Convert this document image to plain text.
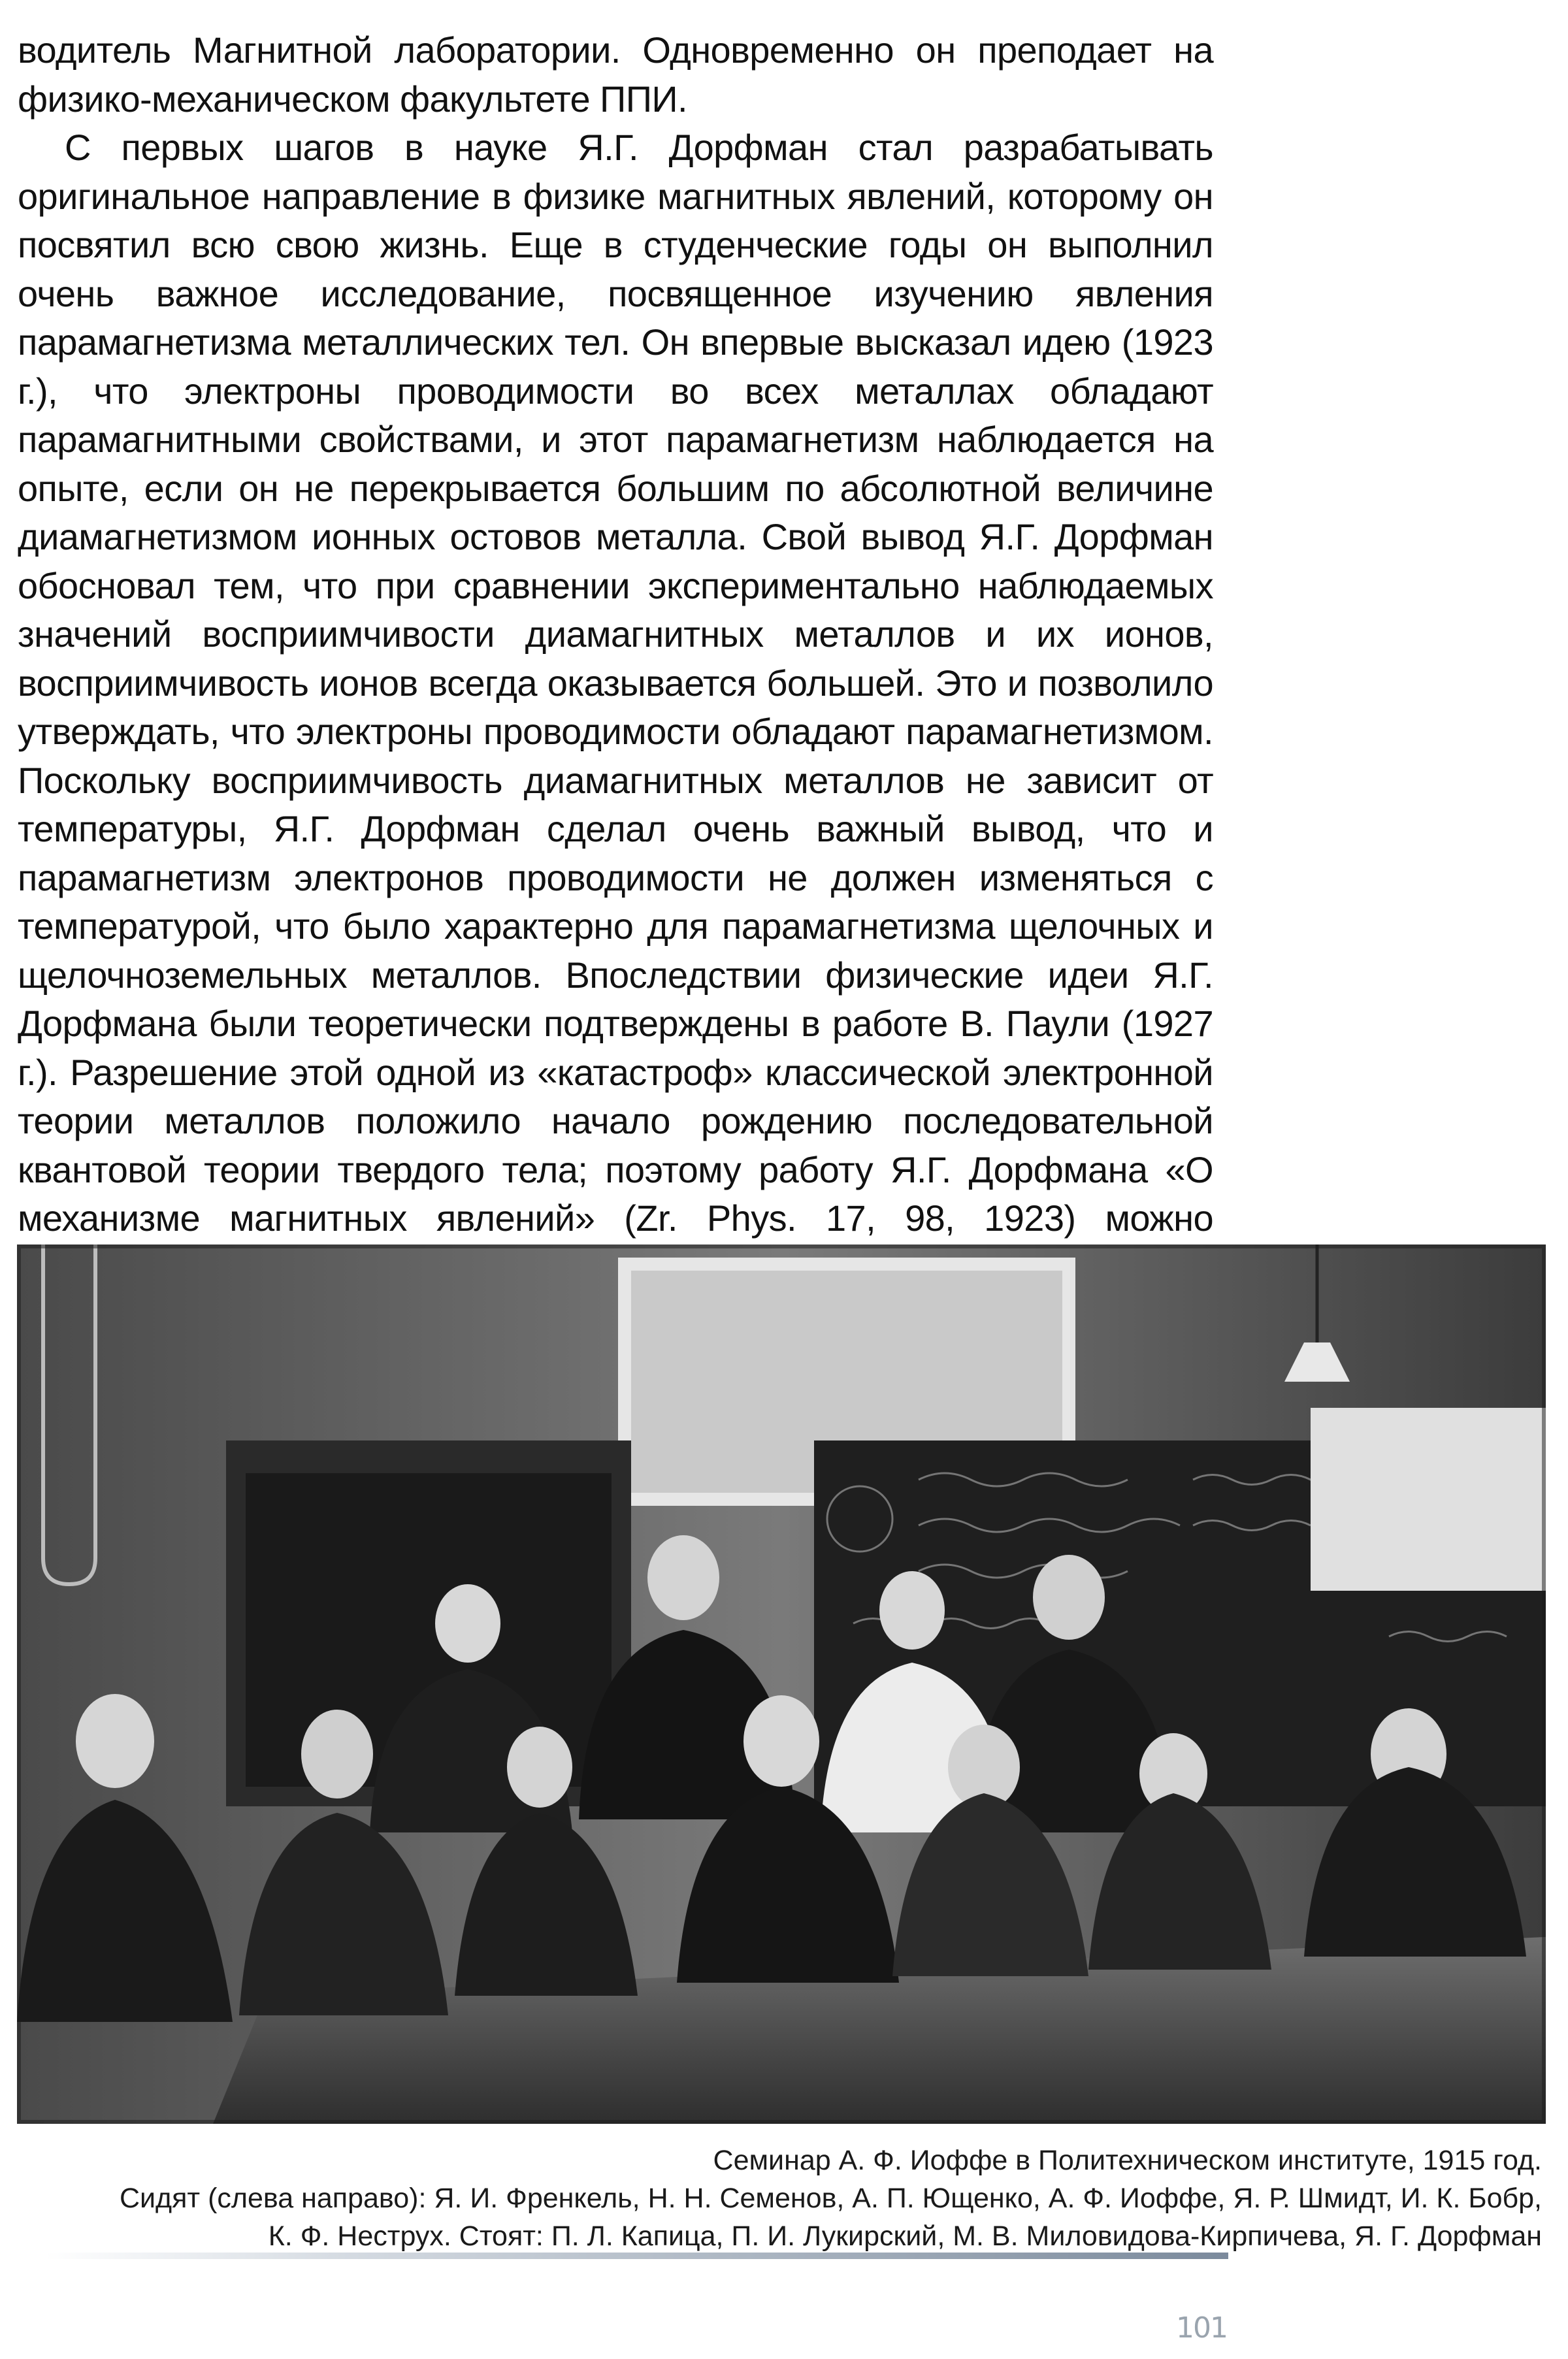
водитель Магнитной лаборатории. Одновременно он преподает на физико-механическом факультете ППИ.

С первых шагов в науке Я.Г. Дорфман стал разрабатывать оригинальное направление в физике магнитных явлений, которому он посвятил всю свою жизнь. Еще в студенческие годы он выполнил очень важное исследование, посвященное изучению явления парамагнетизма металлических тел. Он впервые высказал идею (1923 г.), что электроны проводимости во всех металлах обладают парамагнитными свойствами, и этот парамагнетизм наблюдается на опыте, если он не перекрывается большим по абсолютной величине диамагнетизмом ионных остовов металла. Свой вывод Я.Г. Дорфман обосновал тем, что при сравнении экспериментально наблюдаемых значений восприимчивости диамагнитных металлов и их ионов, восприимчивость ионов всегда оказывается большей. Это и позволило утверждать, что электроны проводимости обладают парамагнетизмом. Поскольку восприимчивость диамагнитных металлов не зависит от температуры, Я.Г. Дорфман сделал очень важный вывод, что и парамагнетизм электронов проводимости не должен изменяться с температурой, что было характерно для парамагнетизма щелочных и щелочноземельных металлов. Впоследствии физические идеи Я.Г. Дорфмана были теоретически подтверждены в работе В. Паули (1927 г.). Разрешение этой одной из «катастроф» классической электронной теории металлов положило начало рождению последовательной квантовой теории твердого тела; поэтому работу Я.Г. Дорфмана «О механизме магнитных явлений» (Zr. Phys. 17, 98, 1923) можно

Семинар А. Ф. Иоффе в Политехническом институте, 1915 год.
Сидят (слева направо): Я. И. Френкель, Н. Н. Семенов, А. П. Ющенко, А. Ф. Иоффе, Я. Р. Шмидт, И. К. Бобр,
К. Ф. Неструх. Стоят: П. Л. Капица, П. И. Лукирский, М. В. Миловидова-Кирпичева, Я. Г. Дорфман
101
